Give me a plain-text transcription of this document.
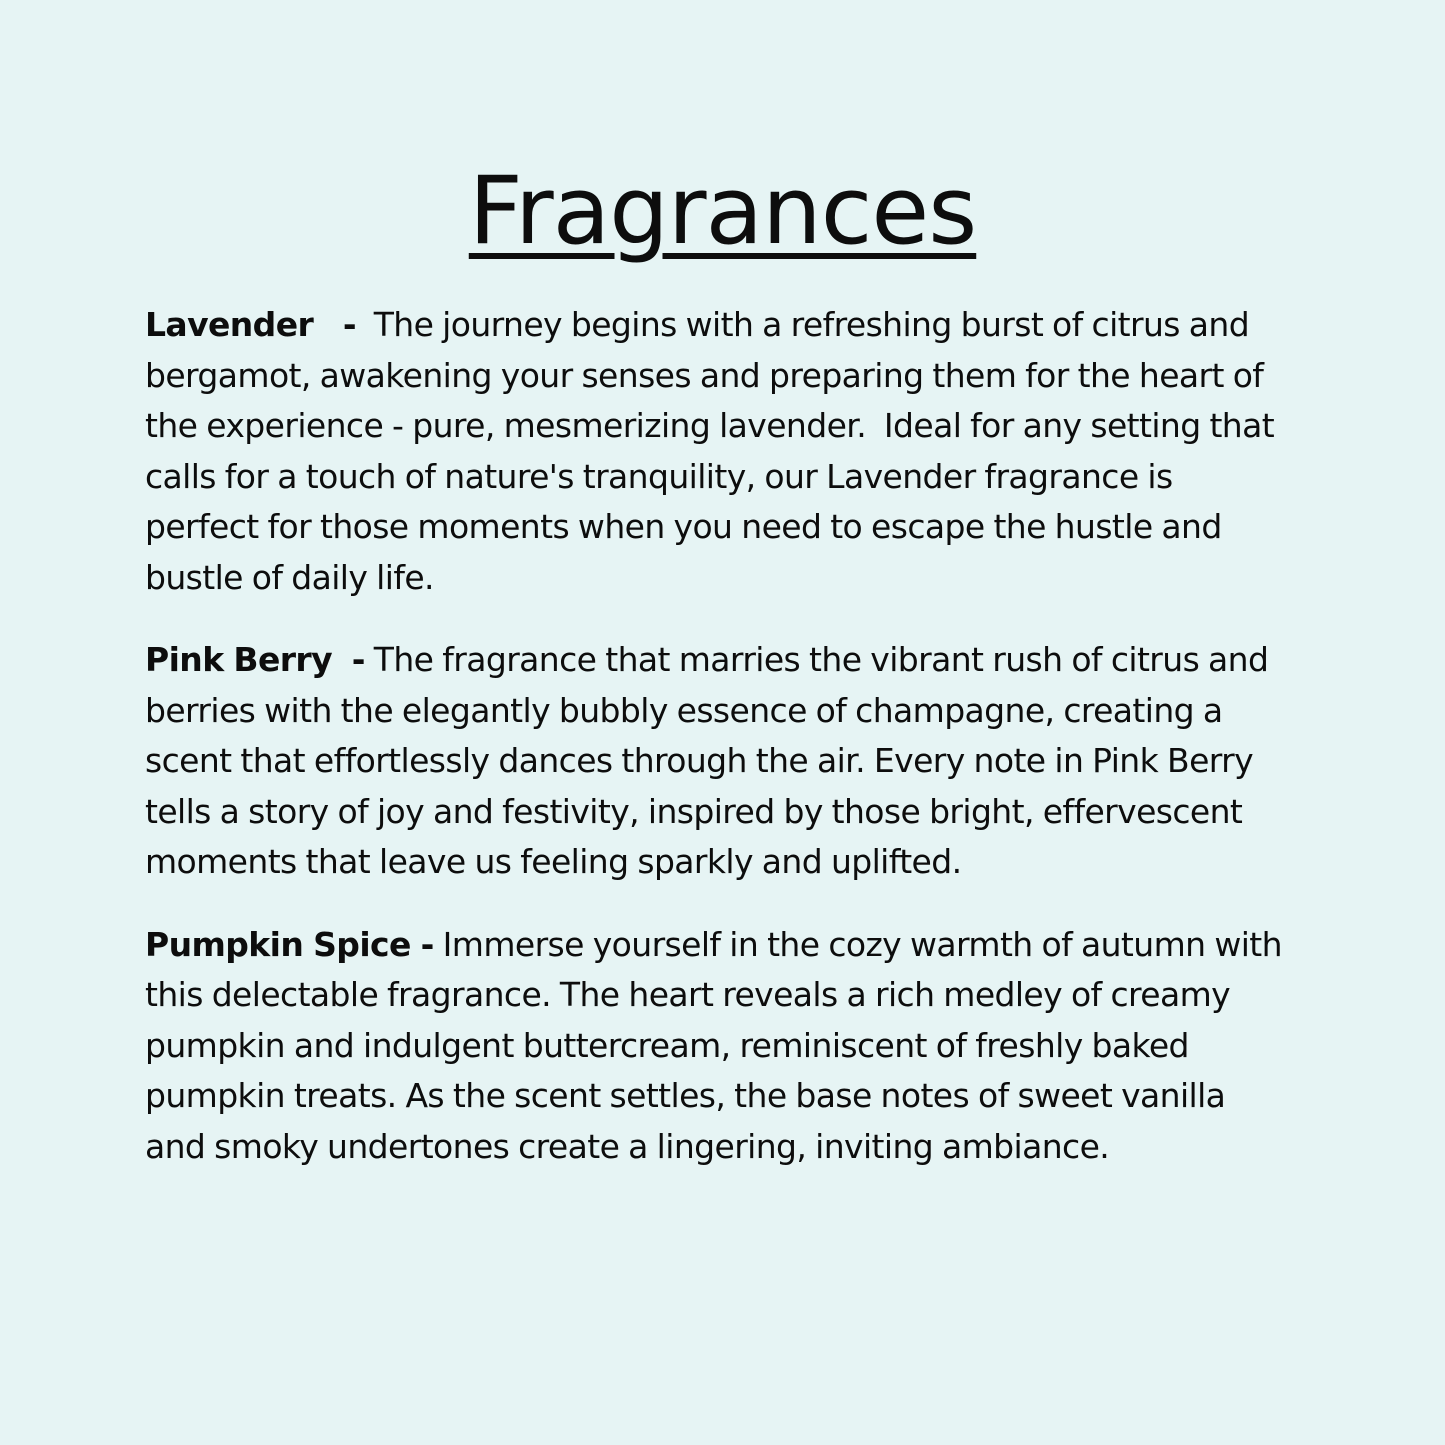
Fragrances

Lavender   -  The journey begins with a refreshing burst of citrus and bergamot, awakening your senses and preparing them for the heart of the experience - pure, mesmerizing lavender.  Ideal for any setting that calls for a touch of nature's tranquility, our Lavender fragrance is perfect for those moments when you need to escape the hustle and bustle of daily life.

Pink Berry  - The fragrance that marries the vibrant rush of citrus and berries with the elegantly bubbly essence of champagne, creating a scent that effortlessly dances through the air. Every note in Pink Berry tells a story of joy and festivity, inspired by those bright, effervescent moments that leave us feeling sparkly and uplifted.

Pumpkin Spice - Immerse yourself in the cozy warmth of autumn with this delectable fragrance. The heart reveals a rich medley of creamy pumpkin and indulgent buttercream, reminiscent of freshly baked pumpkin treats. As the scent settles, the base notes of sweet vanilla and smoky undertones create a lingering, inviting ambiance.
